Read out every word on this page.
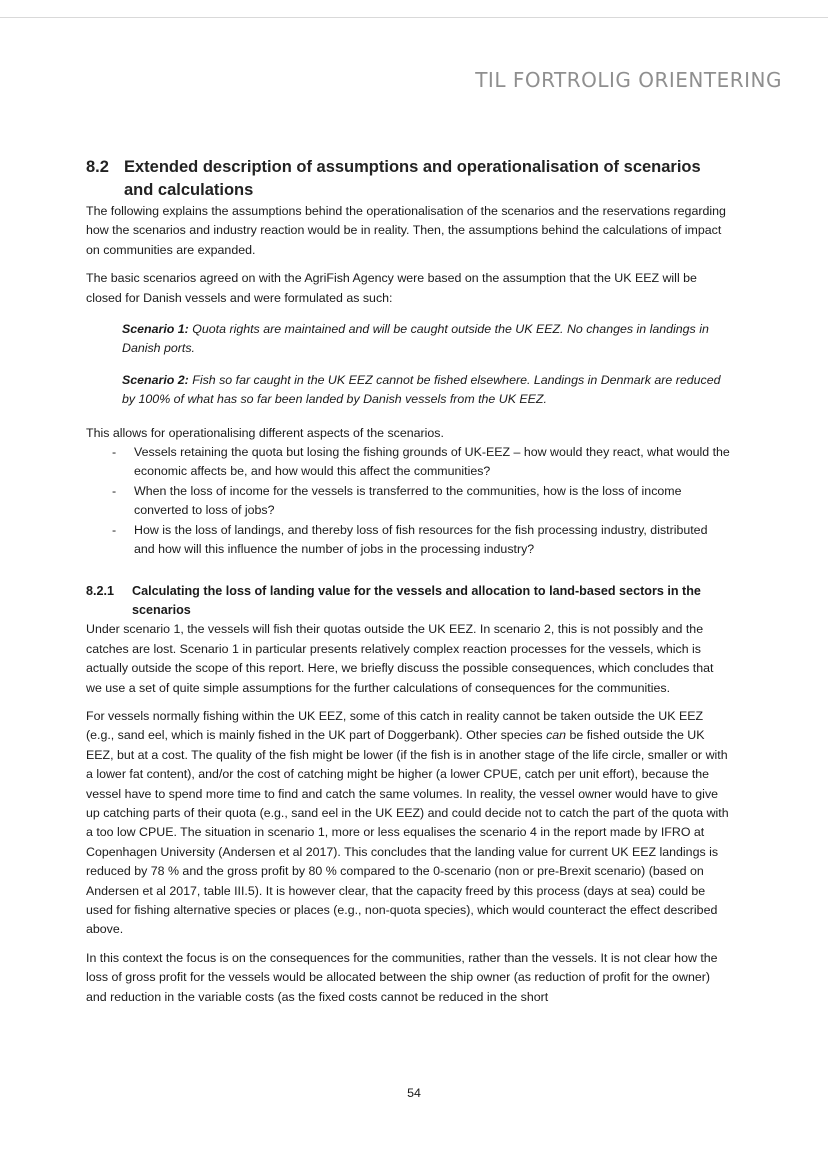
TIL FORTROLIG ORIENTERING
8.2 Extended description of assumptions and operationalisation of scenarios and calculations

The following explains the assumptions behind the operationalisation of the scenarios and the reservations regarding how the scenarios and industry reaction would be in reality. Then, the assumptions behind the calculations of impact on communities are expanded.

The basic scenarios agreed on with the AgriFish Agency were based on the assumption that the UK EEZ will be closed for Danish vessels and were formulated as such:

Scenario 1: Quota rights are maintained and will be caught outside the UK EEZ. No changes in landings in Danish ports.
Scenario 2: Fish so far caught in the UK EEZ cannot be fished elsewhere. Landings in Denmark are reduced by 100% of what has so far been landed by Danish vessels from the UK EEZ.

This allows for operationalising different aspects of the scenarios.

- Vessels retaining the quota but losing the fishing grounds of UK-EEZ – how would they react, what would the economic affects be, and how would this affect the communities?
- When the loss of income for the vessels is transferred to the communities, how is the loss of income converted to loss of jobs?
- How is the loss of landings, and thereby loss of fish resources for the fish processing industry, distributed and how will this influence the number of jobs in the processing industry?
8.2.1	Calculating the loss of landing value for the vessels and allocation to land-based sectors in the scenarios

Under scenario 1, the vessels will fish their quotas outside the UK EEZ. In scenario 2, this is not possibly and the catches are lost. Scenario 1 in particular presents relatively complex reaction processes for the vessels, which is actually outside the scope of this report. Here, we briefly discuss the possible consequences, which concludes that we use a set of quite simple assumptions for the further calculations of consequences for the communities.

For vessels normally fishing within the UK EEZ, some of this catch in reality cannot be taken outside the UK EEZ (e.g., sand eel, which is mainly fished in the UK part of Doggerbank). Other species can be fished outside the UK EEZ, but at a cost. The quality of the fish might be lower (if the fish is in another stage of the life circle, smaller or with a lower fat content), and/or the cost of catching might be higher (a lower CPUE, catch per unit effort), because the vessel have to spend more time to find and catch the same volumes. In reality, the vessel owner would have to give up catching parts of their quota (e.g., sand eel in the UK EEZ) and could decide not to catch the part of the quota with a too low CPUE. The situation in scenario 1, more or less equalises the scenario 4 in the report made by IFRO at Copenhagen University (Andersen et al 2017). This concludes that the landing value for current UK EEZ landings is reduced by 78 % and the gross profit by 80 % compared to the 0-scenario (non or pre-Brexit scenario) (based on Andersen et al 2017, table III.5). It is however clear, that the capacity freed by this process (days at sea) could be used for fishing alternative species or places (e.g., non-quota species), which would counteract the effect described above.

In this context the focus is on the consequences for the communities, rather than the vessels. It is not clear how the loss of gross profit for the vessels would be allocated between the ship owner (as reduction of profit for the owner) and reduction in the variable costs (as the fixed costs cannot be reduced in the short

54
